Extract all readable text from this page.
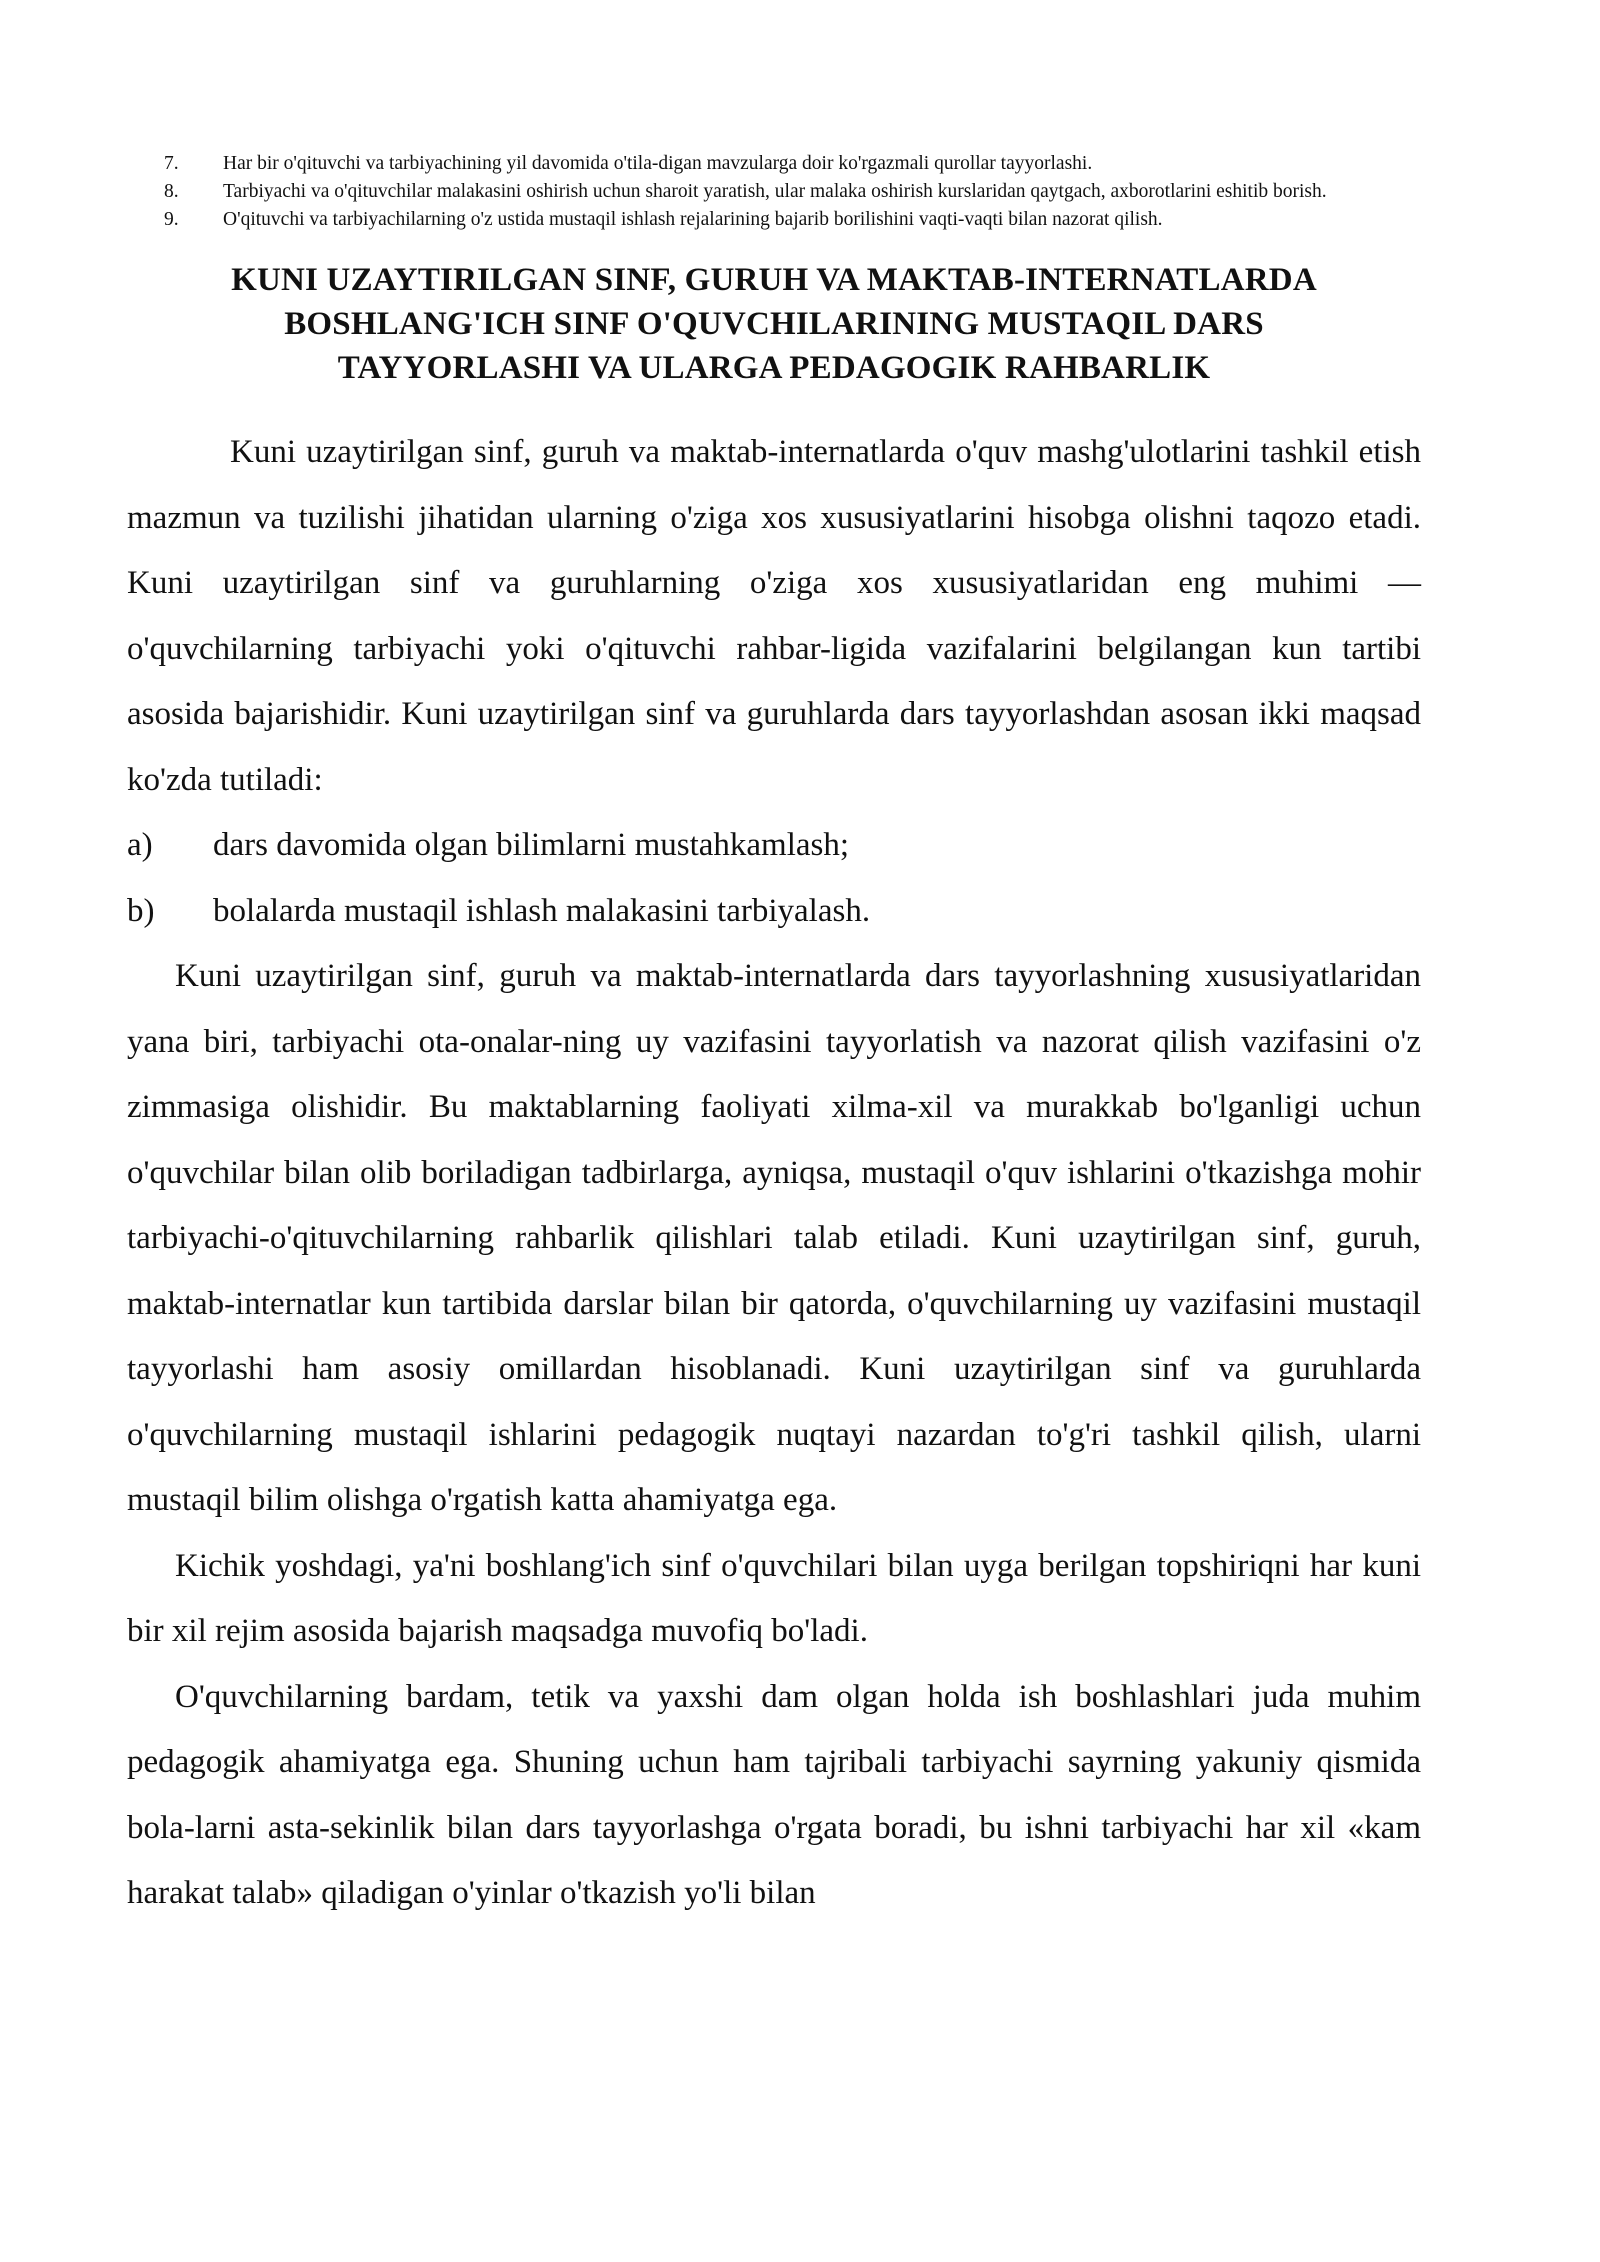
7.	Har bir o'qituvchi va tarbiyachining yil davomida o'tila-digan mavzularga doir ko'rgazmali qurollar tayyorlashi.
8. Tarbiyachi va o'qituvchilar malakasini oshirish uchun sharoit yaratish, ular malaka oshirish kurslaridan qaytgach, axborotlarini eshitib borish.
9.	O'qituvchi va tarbiyachilarning o'z ustida mustaqil ishlash rejalarining bajarib borilishini vaqti-vaqti bilan nazorat qilish.
KUNI UZAYTIRILGAN SINF, GURUH VA MAKTAB-INTERNATLARDA
BOSHLANG'ICH SINF O'QUVCHILARINING MUSTAQIL DARS
TAYYORLASHI VA ULARGA PEDAGOGIK RAHBARLIK

Kuni uzaytirilgan sinf, guruh va maktab-internatlarda o'quv mashg'ulotlarini tashkil etish mazmun va tuzilishi jihatidan ularning o'ziga xos xususiyatlarini hisobga olishni taqozo etadi. Kuni uzaytirilgan sinf va guruhlarning o'ziga xos xususiyatlaridan eng muhimi — o'quvchilarning tarbiyachi yoki o'qituvchi rahbar-ligida vazifalarini belgilangan kun tartibi asosida bajarishidir. Kuni uzaytirilgan sinf va guruhlarda dars tayyorlashdan asosan ikki maqsad ko'zda tutiladi:

a)	dars davomida olgan bilimlarni mustahkamlash;
b)	bolalarda mustaqil ishlash malakasini tarbiyalash.

Kuni uzaytirilgan sinf, guruh va maktab-internatlarda dars tayyorlashning xususiyatlaridan yana biri, tarbiyachi ota-onalar-ning uy vazifasini tayyorlatish va nazorat qilish vazifasini o'z zimmasiga olishidir. Bu maktablarning faoliyati xilma-xil va murakkab bo'lganligi uchun o'quvchilar bilan olib boriladigan tadbirlarga, ayniqsa, mustaqil o'quv ishlarini o'tkazishga mohir tarbiyachi-o'qituvchilarning rahbarlik qilishlari talab etiladi. Kuni uzaytirilgan sinf, guruh, maktab-internatlar kun tartibida darslar bilan bir qatorda, o'quvchilarning uy vazifasini mustaqil tayyorlashi ham asosiy omillardan hisoblanadi. Kuni uzaytirilgan sinf va guruhlarda o'quvchilarning mustaqil ishlarini pedagogik nuqtayi nazardan to'g'ri tashkil qilish, ularni mustaqil bilim olishga o'rgatish katta ahamiyatga ega.

Kichik yoshdagi, ya'ni boshlang'ich sinf o'quvchilari bilan uyga berilgan topshiriqni har kuni bir xil rejim asosida bajarish maqsadga muvofiq bo'ladi.

O'quvchilarning bardam, tetik va yaxshi dam olgan holda ish boshlashlari juda muhim pedagogik ahamiyatga ega. Shuning uchun ham tajribali tarbiyachi sayrning yakuniy qismida bola-larni asta-sekinlik bilan dars tayyorlashga o'rgata boradi, bu ishni tarbiyachi har xil «kam harakat talab» qiladigan o'yinlar o'tkazish yo'li bilan
